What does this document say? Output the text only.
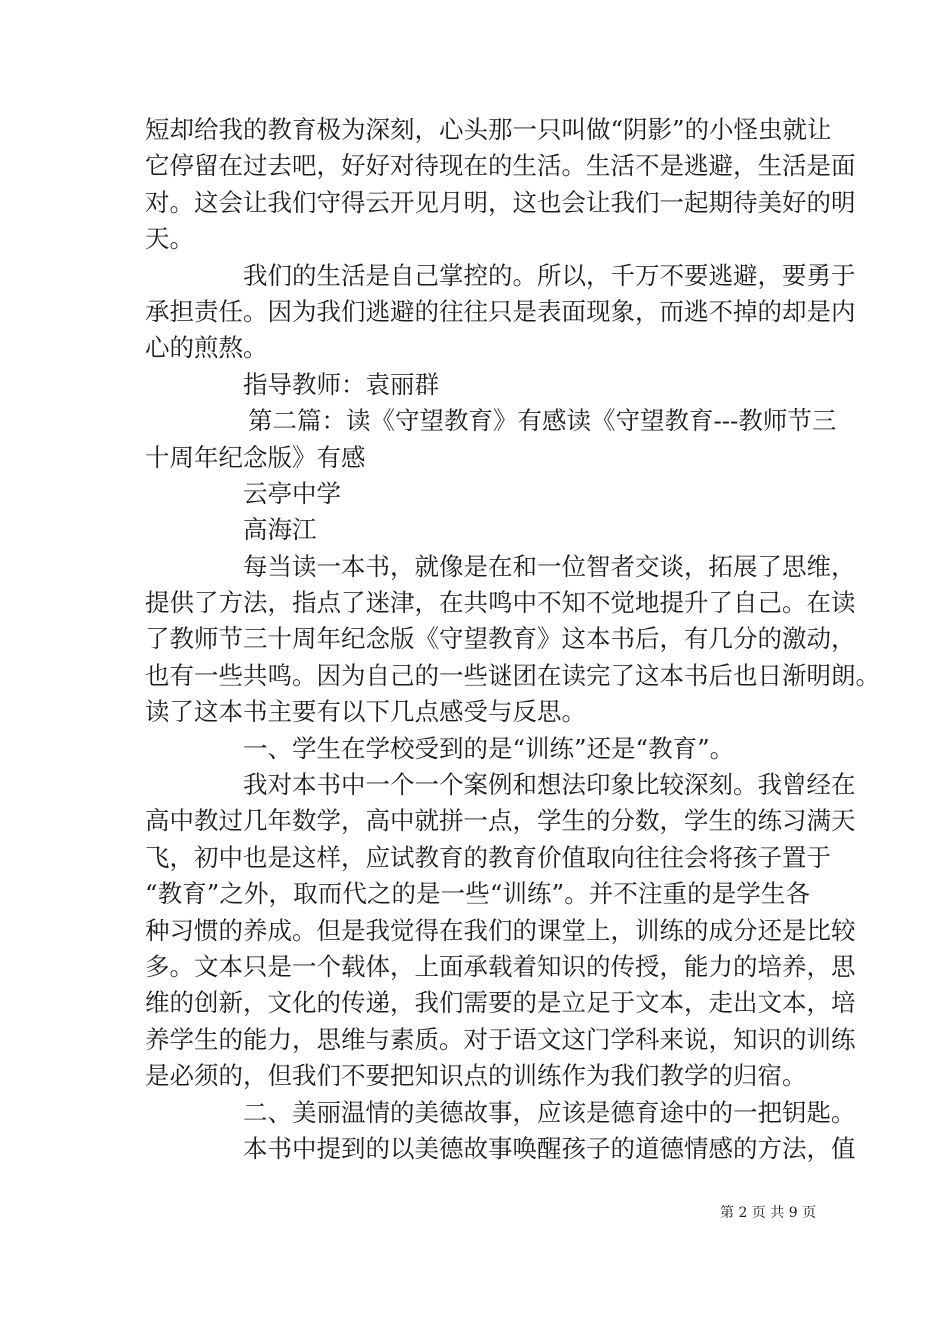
短却给我的教育极为深刻，心头那一只叫做“阴影”的小怪虫就让
它停留在过去吧，好好对待现在的生活。生活不是逃避，生活是面
对。这会让我们守得云开见月明，这也会让我们一起期待美好的明
天。
我们的生活是自己掌控的。所以，千万不要逃避，要勇于
承担责任。因为我们逃避的往往只是表面现象，而逃不掉的却是内
心的煎熬。
指导教师：袁丽群
第二篇：读《守望教育》有感读《守望教育---教师节三
十周年纪念版》有感
云亭中学
高海江
每当读一本书，就像是在和一位智者交谈，拓展了思维，
提供了方法，指点了迷津，在共鸣中不知不觉地提升了自己。在读
了教师节三十周年纪念版《守望教育》这本书后，有几分的激动，
也有一些共鸣。因为自己的一些谜团在读完了这本书后也日渐明朗。
读了这本书主要有以下几点感受与反思。
一、学生在学校受到的是“训练”还是“教育”。
我对本书中一个一个案例和想法印象比较深刻。我曾经在
高中教过几年数学，高中就拼一点，学生的分数，学生的练习满天
飞，初中也是这样，应试教育的教育价值取向往往会将孩子置于
“教育”之外，取而代之的是一些“训练”。并不注重的是学生各
种习惯的养成。但是我觉得在我们的课堂上，训练的成分还是比较
多。文本只是一个载体，上面承载着知识的传授，能力的培养，思
维的创新，文化的传递，我们需要的是立足于文本，走出文本，培
养学生的能力，思维与素质。对于语文这门学科来说，知识的训练
是必须的，但我们不要把知识点的训练作为我们教学的归宿。
二、美丽温情的美德故事，应该是德育途中的一把钥匙。
本书中提到的以美德故事唤醒孩子的道德情感的方法，值
第 2 页 共 9 页
